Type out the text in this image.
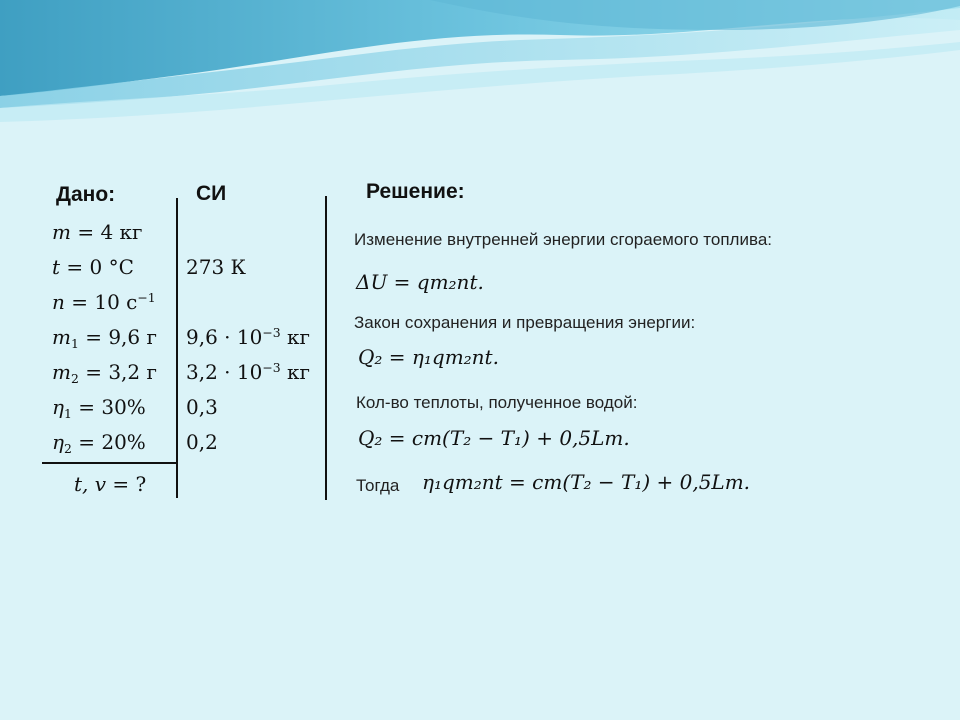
Дано:
m = 4 кг
t = 0 °С
n = 10 $с^{-1}$
$m_1 = 9,6$ г
$m_2 = 3,2$ г
$\eta_1 = 30\%$
$\eta_2 = 20\%$
t, v = ?
СИ
273 К
$9,6 \cdot 10^{-3}$ кг
$3,2 \cdot 10^{-3}$ кг
0,3
0,2
Решение:
Изменение внутренней энергии сгораемого топлива:
ΔU = qm₂nt.
Закон сохранения и превращения энергии:
Q₂ = η₁qm₂nt.
Кол-во теплоты, полученное водой:
Q₂ = cm(T₂ − T₁) + 0,5Lm.
Тогда η₁qm₂nt = cm(T₂ − T₁) + 0,5Lm.
